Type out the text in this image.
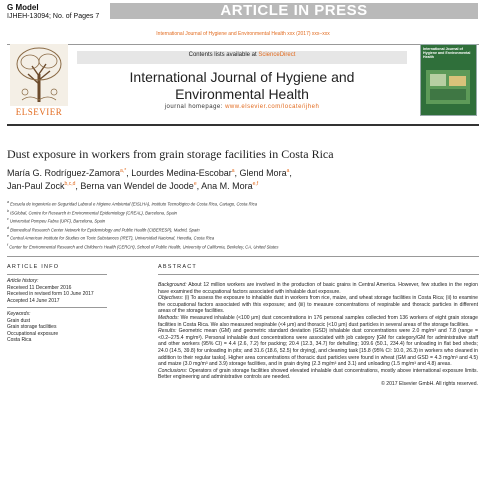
G Model
IJHEH-13094; No. of Pages 7	ARTICLE IN PRESS
International Journal of Hygiene and Environmental Health xxx (2017) xxx–xxx
ELSEVIER
Contents lists available at ScienceDirect
International Journal of Hygiene and
Environmental Health
journal homepage: www.elsevier.com/locate/ijheh
International Journal of Hygiene and Environmental Health
Dust exposure in workers from grain storage facilities in Costa Rica
María G. Rodríguez-Zamora$^{a,*}$, Lourdes Medina-Escobar$^a$, Glend Mora$^a$,
Jan-Paul Zock$^{b,c,d}$, Berna van Wendel de Joode$^e$, Ana M. Mora$^{e,f}$
$^a$ Escuela de Ingeniería en Seguridad Laboral e Higiene Ambiental (EISLHA), Instituto Tecnológico de Costa Rica, Cartago, Costa Rica
$^b$ ISGlobal, Centre for Research in Environmental Epidemiology (CREAL), Barcelona, Spain
$^c$ Universitat Pompeu Fabra (UPF), Barcelona, Spain
$^d$ Biomedical Research Center Network for Epidemiology and Public Health (CIBERESP), Madrid, Spain
$^e$ Central American Institute for Studies on Toxic Substances (IRET), Universidad Nacional, Heredia, Costa Rica
$^f$ Center for Environmental Research and Children's Health (CERCH), School of Public Health, University of California, Berkeley, CA, United States
ARTICLE INFO	ABSTRACT
Article history:
Received 11 December 2016
Received in revised form 10 June 2017
Accepted 14 June 2017
Keywords:
Grain dust
Grain storage facilities
Occupational exposure
Costa Rica
Background: About 12 million workers are involved in the production of basic grains in Central America. However, few studies in the region have examined the occupational factors associated with inhalable dust exposure.
Objectives: (i) To assess the exposure to inhalable dust in workers from rice, maize, and wheat storage facilities in Costa Rica; (ii) to examine the occupational factors associated with this exposure; and (iii) to measure concentrations of respirable and thoracic particles in different areas of the storage facilities.
Methods: We measured inhalable (<100 μm) dust concentrations in 176 personal samples collected from 136 workers of eight grain storage facilities in Costa Rica. We also measured respirable (<4 μm) and thoracic (<10 μm) dust particles in several areas of the storage facilities.
Results: Geometric mean (GM) and geometric standard deviation (GSD) inhalable dust concentrations were 2.0 mg/m³ and 7.8 (range = <0.2–275.4 mg/m³). Personal inhalable dust concentrations were associated with job category [GM for category/GM for administrative staff and other workers (95% CI) = 4.4 (2.6, 7.2) for packing; 20.4 (12.3, 34.7) for dehulling; 109.6 (50.1, 234.4) for unloading in flat bed sheds; 24.0 (14.5, 39.8) for unloading in pits; and 31.6 (18.6, 52.5) for drying], and cleaning task [15.8 (95% CI: 10.0, 26.3) in workers who cleaned in addition to their regular tasks]. Higher area concentrations of thoracic dust particles were found in wheat (GM and GSD = 4.3 mg/m³ and 4.5) and maize (3.0 mg/m³ and 3.9) storage facilities, and in grain drying (2.3 mg/m³ and 3.1) and unloading (1.5 mg/m³ and 4.8) areas.
Conclusions: Operators of grain storage facilities showed elevated inhalable dust concentrations, mostly above international exposure limits. Better engineering and administrative controls are needed.
© 2017 Elsevier GmbH. All rights reserved.
